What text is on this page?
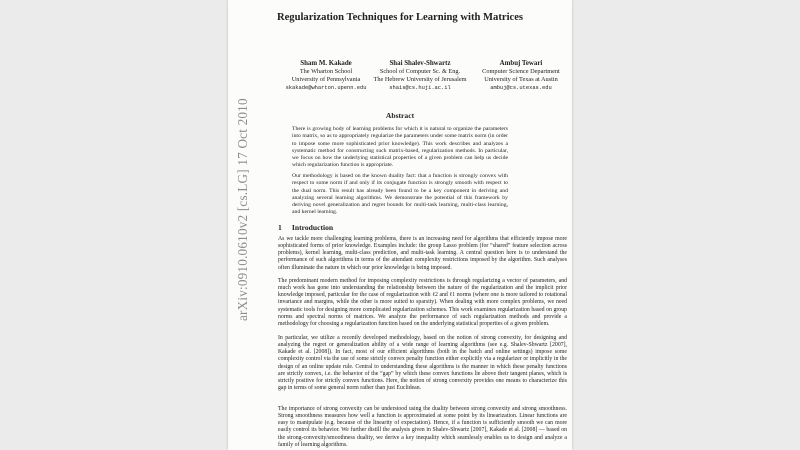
Regularization Techniques for Learning with Matrices
Sham M. Kakade
The Wharton School
University of Pennsylvania
skakade@wharton.upenn.edu
Shai Shalev-Shwartz
School of Computer Sc. & Eng.
The Hebrew University of Jerusalem
shais@cs.huji.ac.il
Ambuj Tewari
Computer Science Department
University of Texas at Austin
ambuj@cs.utexas.edu
Abstract
There is growing body of learning problems for which it is natural to organize the parameters into matrix, so as to appropriately regularize the parameters under some matrix norm (in order to impose some more sophisticated prior knowledge). This work describes and analyzes a systematic method for constructing such matrix-based, regularization methods. In particular, we focus on how the underlying statistical properties of a given problem can help us decide which regularization function is appropriate.
Our methodology is based on the known duality fact: that a function is strongly convex with respect to some norm if and only if its conjugate function is strongly smooth with respect to the dual norm. This result has already been found to be a key component in deriving and analyzing several learning algorithms. We demonstrate the potential of this framework by deriving novel generalization and regret bounds for multi-task learning, multi-class learning, and kernel learning.
1 Introduction
As we tackle more challenging learning problems, there is an increasing need for algorithms that efficiently impose more sophisticated forms of prior knowledge. Examples include: the group Lasso problem (for “shared” feature selection across problems), kernel learning, multi-class prediction, and multi-task learning. A central question here is to understand the performance of such algorithms in terms of the attendant complexity restrictions imposed by the algorithm. Such analyses often illuminate the nature in which our prior knowledge is being imposed.
The predominant modern method for imposing complexity restrictions is through regularizing a vector of parameters, and much work has gone into understanding the relationship between the nature of the regularization and the implicit prior knowledge imposed, particular for the case of regularization with ℓ2 and ℓ1 norms (where one is more tailored to rotational invariance and margins, while the other is more suited to sparsity). When dealing with more complex problems, we need systematic tools for designing more complicated regularization schemes. This work examines regularization based on group norms and spectral norms of matrices. We analyze the performance of such regularization methods and provide a methodology for choosing a regularization function based on the underlying statistical properties of a given problem.
In particular, we utilize a recently developed methodology, based on the notion of strong convexity, for designing and analyzing the regret or generalization ability of a wide range of learning algorithms (see e.g. Shalev-Shwartz [2007], Kakade et al. [2008]). In fact, most of our efficient algorithms (both in the batch and online settings) impose some complexity control via the use of some strictly convex penalty function either explicitly via a regularizer or implicitly in the design of an online update rule. Central to understanding these algorithms is the manner in which these penalty functions are strictly convex, i.e. the behavior of the “gap” by which these convex functions lie above their tangent planes, which is strictly positive for strictly convex functions. Here, the notion of strong convexity provides one means to characterize this gap in terms of some general norm rather than just Euclidean.
The importance of strong convexity can be understood using the duality between strong convexity and strong smoothness. Strong smoothness measures how well a function is approximated at some point by its linearization. Linear functions are easy to manipulate (e.g. because of the linearity of expectation). Hence, if a function is sufficiently smooth we can more easily control its behavior. We further distill the analysis given in Shalev-Shwartz [2007], Kakade et al. [2008] — based on the strong-convexity/smoothness duality, we derive a key inequality which seamlessly enables us to design and analyze a family of learning algorithms.
arXiv:0910.0610v2 [cs.LG] 17 Oct 2010
